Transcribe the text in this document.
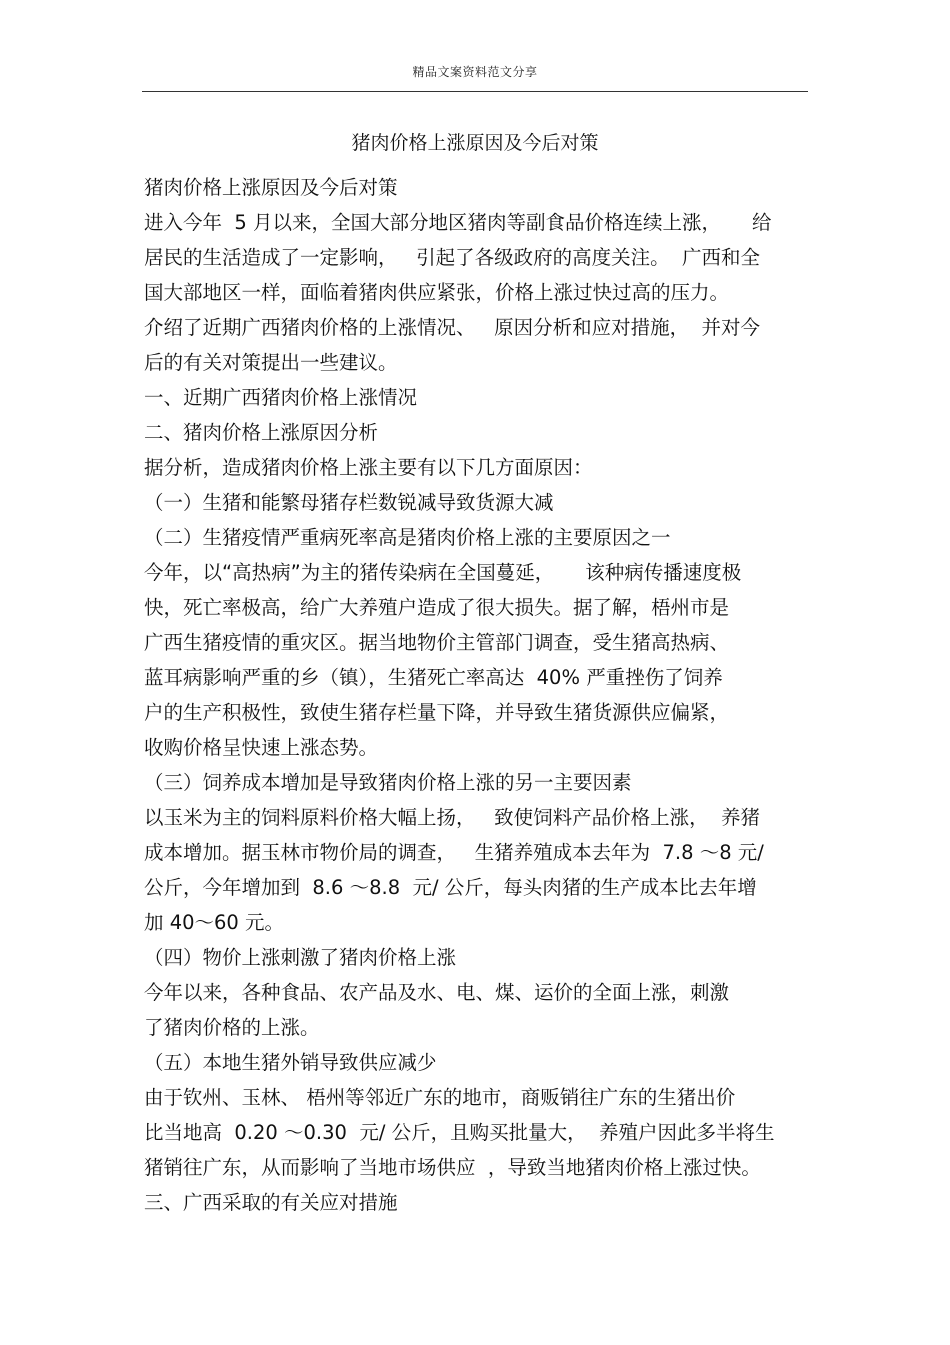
精品文案资料范文分享
猪肉价格上涨原因及今后对策
猪肉价格上涨原因及今后对策
进入今年  5 月以来，全国大部分地区猪肉等副食品价格连续上涨，     给
居民的生活造成了一定影响，   引起了各级政府的高度关注。  广西和全
国大部地区一样，面临着猪肉供应紧张，价格上涨过快过高的压力。
介绍了近期广西猪肉价格的上涨情况、   原因分析和应对措施，  并对今
后的有关对策提出一些建议。
一、近期广西猪肉价格上涨情况
二、猪肉价格上涨原因分析
据分析，造成猪肉价格上涨主要有以下几方面原因：
（一）生猪和能繁母猪存栏数锐减导致货源大减
（二）生猪疫情严重病死率高是猪肉价格上涨的主要原因之一
今年，以“高热病”为主的猪传染病在全国蔓延，     该种病传播速度极
快，死亡率极高，给广大养殖户造成了很大损失。据了解，梧州市是
广西生猪疫情的重灾区。据当地物价主管部门调查，受生猪高热病、
蓝耳病影响严重的乡（镇），生猪死亡率高达  40% 严重挫伤了饲养
户的生产积极性，致使生猪存栏量下降，并导致生猪货源供应偏紧，
收购价格呈快速上涨态势。
（三）饲养成本增加是导致猪肉价格上涨的另一主要因素
以玉米为主的饲料原料价格大幅上扬，   致使饲料产品价格上涨，  养猪
成本增加。据玉林市物价局的调查，   生猪养殖成本去年为  7.8 ～8 元/
公斤，今年增加到  8.6 ～8.8  元/ 公斤，每头肉猪的生产成本比去年增
加 40～60 元。
（四）物价上涨刺激了猪肉价格上涨
今年以来，各种食品、农产品及水、电、煤、运价的全面上涨，刺激
了猪肉价格的上涨。
（五）本地生猪外销导致供应减少
由于钦州、玉林、 梧州等邻近广东的地市，商贩销往广东的生猪出价
比当地高  0.20 ～0.30  元/ 公斤，且购买批量大，  养殖户因此多半将生
猪销往广东，从而影响了当地市场供应  ，导致当地猪肉价格上涨过快。
三、广西采取的有关应对措施
